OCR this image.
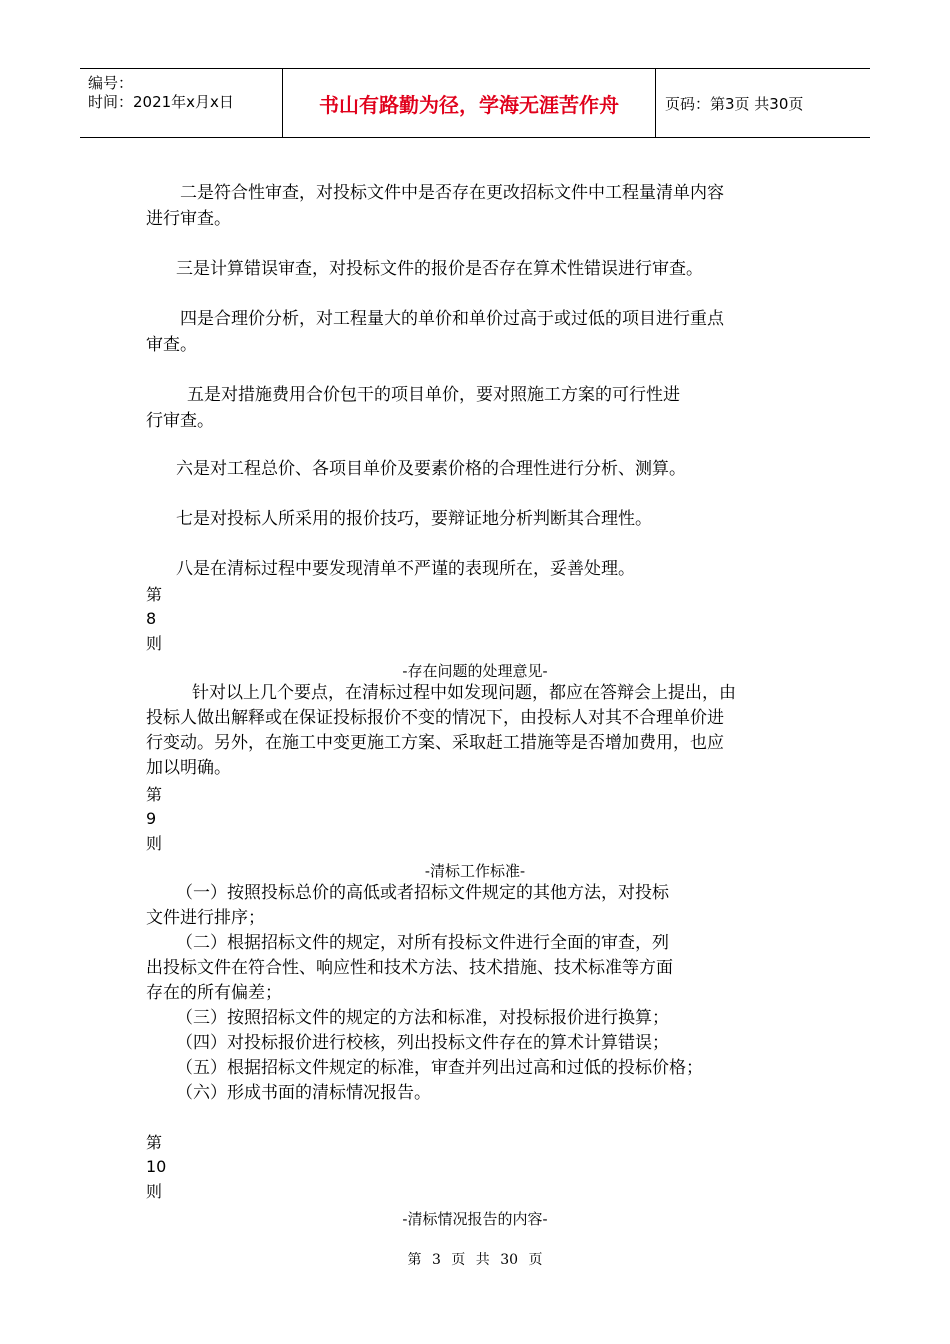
编号：
时间：2021年x月x日	书山有路勤为径，学海无涯苦作舟	页码：第3页 共30页
二是符合性审查，对投标文件中是否存在更改招标文件中工程量清单内容
进行审查。
三是计算错误审查，对投标文件的报价是否存在算术性错误进行审查。
四是合理价分析，对工程量大的单价和单价过高于或过低的项目进行重点
审查。
五是对措施费用合价包干的项目单价，要对照施工方案的可行性进
行审查。
六是对工程总价、各项目单价及要素价格的合理性进行分析、测算。
七是对投标人所采用的报价技巧，要辩证地分析判断其合理性。
八是在清标过程中要发现清单不严谨的表现所在，妥善处理。
第
8
则
-存在问题的处理意见-
针对以上几个要点，在清标过程中如发现问题，都应在答辩会上提出，由
投标人做出解释或在保证投标报价不变的情况下，由投标人对其不合理单价进
行变动。另外，在施工中变更施工方案、采取赶工措施等是否增加费用，也应
加以明确。
第
9
则
-清标工作标准-
（一）按照投标总价的高低或者招标文件规定的其他方法，对投标
文件进行排序；
（二）根据招标文件的规定，对所有投标文件进行全面的审查，列
出投标文件在符合性、响应性和技术方法、技术措施、技术标准等方面
存在的所有偏差；
（三）按照招标文件的规定的方法和标准，对投标报价进行换算；
（四）对投标报价进行校核，列出投标文件存在的算术计算错误；
（五）根据招标文件规定的标准，审查并列出过高和过低的投标价格；
（六）形成书面的清标情况报告。
第
10
则
-清标情况报告的内容-
第 3 页 共 30 页
